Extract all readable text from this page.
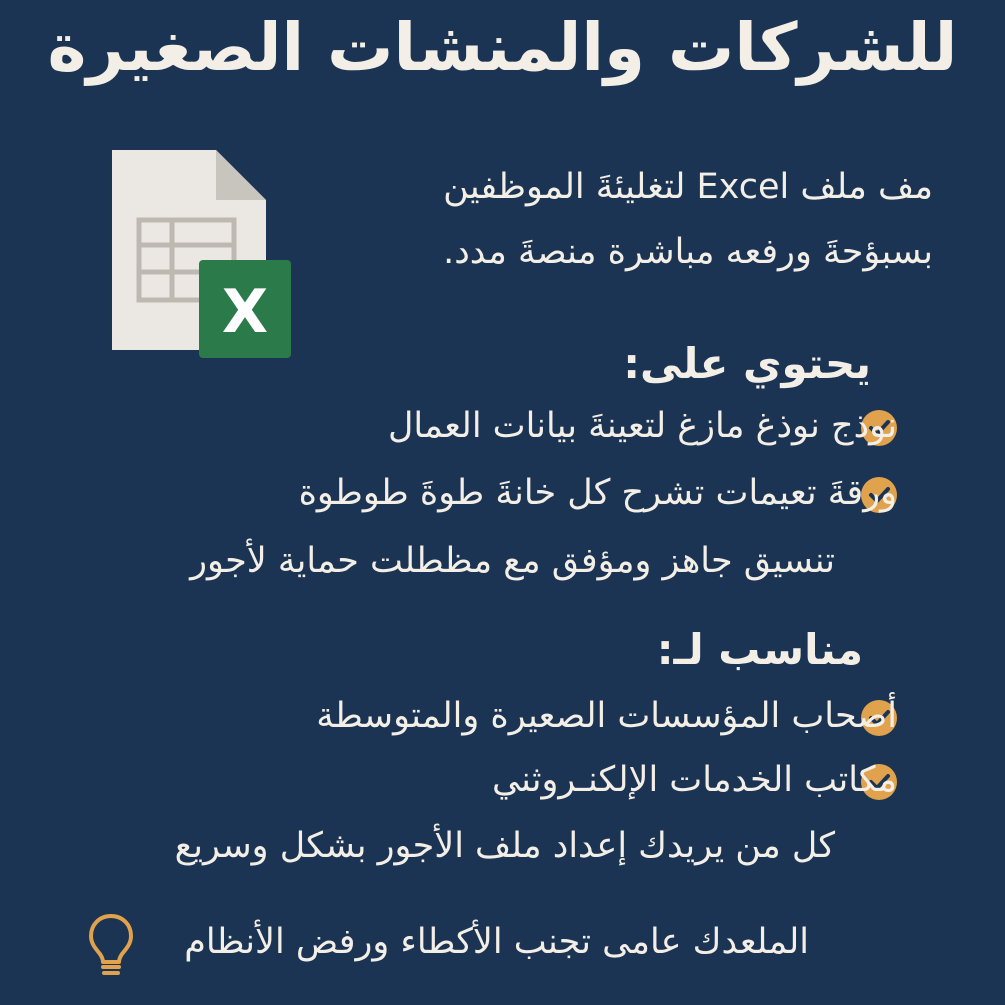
للشركات والمنشات الصغيرة
X
مف ملف Excel لتغليئةَ الموظفين
بسبؤحةَ ورفعه مباشرة منصةَ مدد.
يحتوي على:
نوذج نوذغ مازغ لتعينةَ بيانات العمال
ورقةَ تعيمات تشرح كل خانةَ طوةَ طوطوة
تنسيق جاهز ومؤفق مع مظطلت حماية لأجور
مناسب لـ:
أصحاب المؤسسات الصعيرة والمتوسطة
مكاتب الخدمات الإلكنـروثني
كل من يريدك إعداد ملف الأجور بشكل وسريع
الملعدك عامى تجنب الأكطاء ورفض الأنظام
